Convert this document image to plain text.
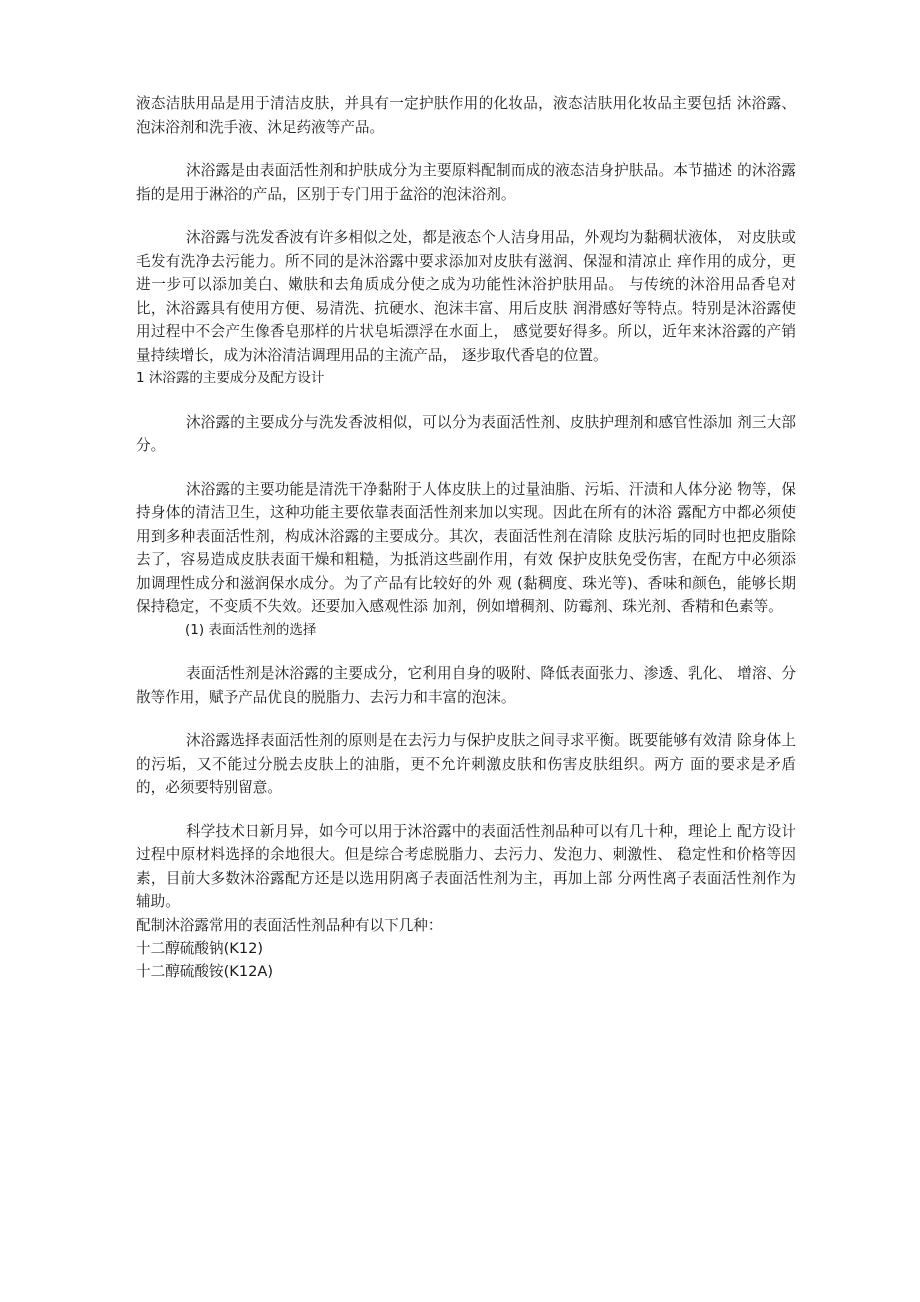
液态洁肤用品是用于清洁皮肤，并具有一定护肤作用的化妆品，液态洁肤用化妆品主要包括 沐浴露、泡沫浴剂和洗手液、沐足药液等产品。

沐浴露是由表面活性剂和护肤成分为主要原料配制而成的液态洁身护肤品。本节描述 的沐浴露指的是用于淋浴的产品，区别于专门用于盆浴的泡沫浴剂。

沐浴露与洗发香波有许多相似之处，都是液态个人洁身用品，外观均为黏稠状液体， 对皮肤或毛发有洗净去污能力。所不同的是沐浴露中要求添加对皮肤有滋润、保湿和清凉止 痒作用的成分，更进一步可以添加美白、嫩肤和去角质成分使之成为功能性沐浴护肤用品。 与传统的沐浴用品香皂对比，沐浴露具有使用方便、易清洗、抗硬水、泡沫丰富、用后皮肤 润滑感好等特点。特别是沐浴露使用过程中不会产生像香皂那样的片状皂垢漂浮在水面上， 感觉要好得多。所以，近年来沐浴露的产销量持续增长，成为沐浴清洁调理用品的主流产品， 逐步取代香皂的位置。

1 沐浴露的主要成分及配方设计

沐浴露的主要成分与洗发香波相似，可以分为表面活性剂、皮肤护理剂和感官性添加 剂三大部分。

沐浴露的主要功能是清洗干净黏附于人体皮肤上的过量油脂、污垢、汗渍和人体分泌 物等，保持身体的清洁卫生，这种功能主要依靠表面活性剂来加以实现。因此在所有的沐浴 露配方中都必须使用到多种表面活性剂，构成沐浴露的主要成分。其次，表面活性剂在清除 皮肤污垢的同时也把皮脂除去了，容易造成皮肤表面干燥和粗糙，为抵消这些副作用，有效 保护皮肤免受伤害，在配方中必须添加调理性成分和滋润保水成分。为了产品有比较好的外 观 (黏稠度、珠光等)、香味和颜色，能够长期保持稳定，不变质不失效。还要加入感观性添 加剂，例如增稠剂、防霉剂、珠光剂、香精和色素等。

(1) 表面活性剂的选择

表面活性剂是沐浴露的主要成分，它利用自身的吸附、降低表面张力、渗透、乳化、 增溶、分散等作用，赋予产品优良的脱脂力、去污力和丰富的泡沫。

沐浴露选择表面活性剂的原则是在去污力与保护皮肤之间寻求平衡。既要能够有效清 除身体上的污垢，又不能过分脱去皮肤上的油脂，更不允许刺激皮肤和伤害皮肤组织。两方 面的要求是矛盾的，必须要特别留意。

科学技术日新月异，如今可以用于沐浴露中的表面活性剂品种可以有几十种，理论上 配方设计过程中原材料选择的余地很大。但是综合考虑脱脂力、去污力、发泡力、刺激性、 稳定性和价格等因素，目前大多数沐浴露配方还是以选用阴离子表面活性剂为主，再加上部 分两性离子表面活性剂作为辅助。

配制沐浴露常用的表面活性剂品种有以下几种：

十二醇硫酸钠(K12)

十二醇硫酸铵(K12A)
